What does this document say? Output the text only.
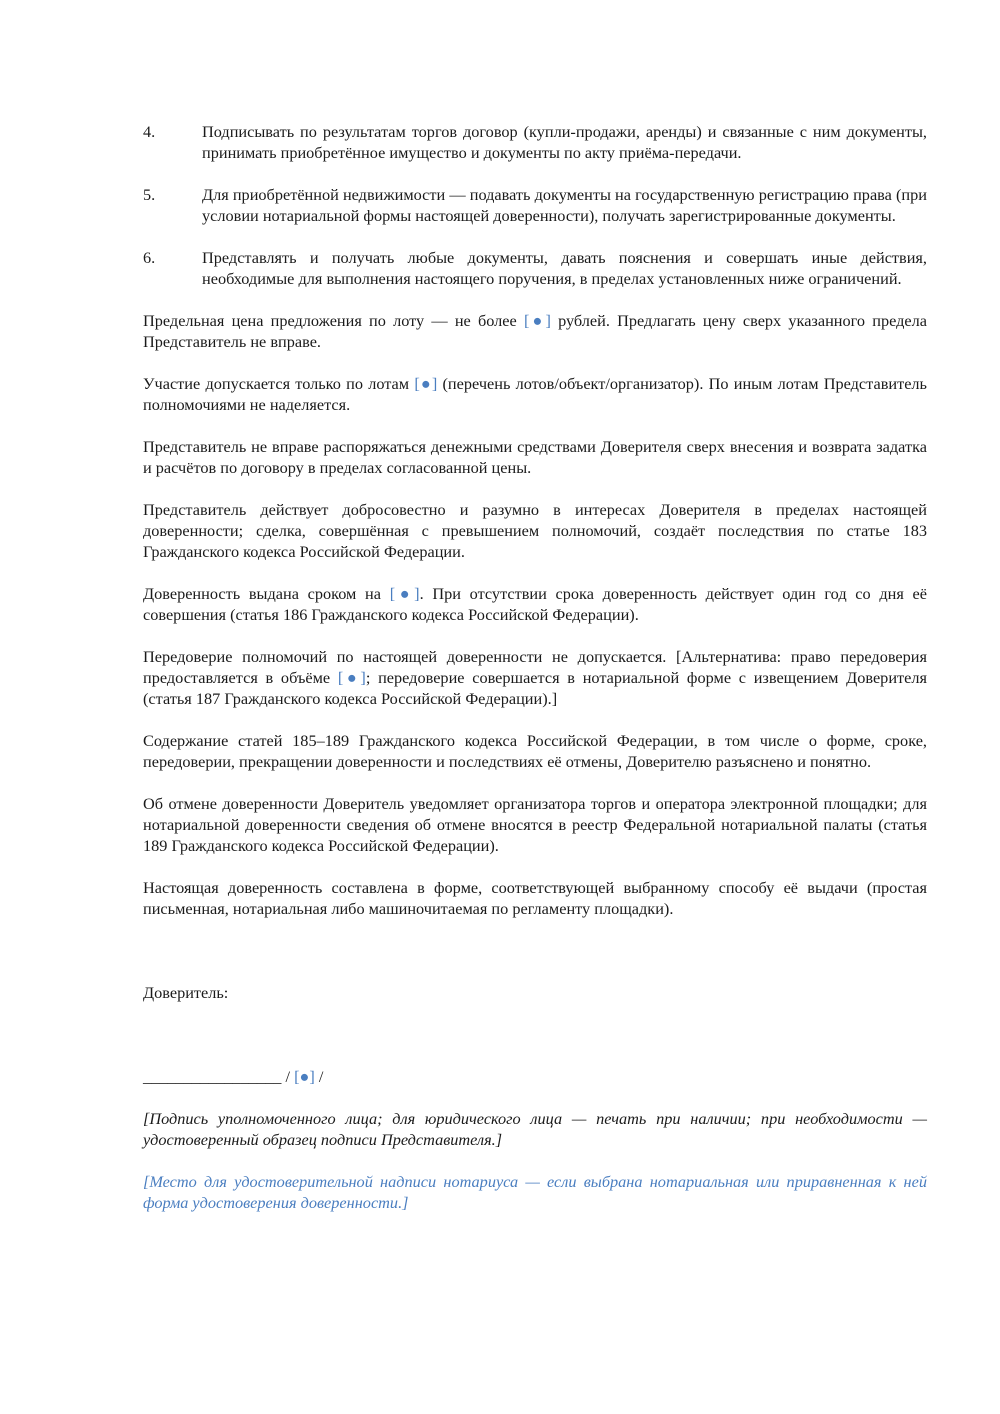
4.	Подписывать по результатам торгов договор (купли-продажи, аренды) и связанные с ним документы, принимать приобретённое имущество и документы по акту приёма-передачи.
5.	Для приобретённой недвижимости — подавать документы на государственную регистрацию права (при условии нотариальной формы настоящей доверенности), получать зарегистрированные документы.
6.	Представлять и получать любые документы, давать пояснения и совершать иные действия, необходимые для выполнения настоящего поручения, в пределах установленных ниже ограничений.

Предельная цена предложения по лоту — не более [●] рублей. Предлагать цену сверх указанного предела Представитель не вправе.

Участие допускается только по лотам [●] (перечень лотов/объект/организатор). По иным лотам Представитель полномочиями не наделяется.

Представитель не вправе распоряжаться денежными средствами Доверителя сверх внесения и возврата задатка и расчётов по договору в пределах согласованной цены.

Представитель действует добросовестно и разумно в интересах Доверителя в пределах настоящей доверенности; сделка, совершённая с превышением полномочий, создаёт последствия по статье 183 Гражданского кодекса Российской Федерации.

Доверенность выдана сроком на [●]. При отсутствии срока доверенность действует один год со дня её совершения (статья 186 Гражданского кодекса Российской Федерации).

Передоверие полномочий по настоящей доверенности не допускается. [Альтернатива: право передоверия предоставляется в объёме [●]; передоверие совершается в нотариальной форме с извещением Доверителя (статья 187 Гражданского кодекса Российской Федерации).]

Содержание статей 185–189 Гражданского кодекса Российской Федерации, в том числе о форме, сроке, передоверии, прекращении доверенности и последствиях её отмены, Доверителю разъяснено и понятно.

Об отмене доверенности Доверитель уведомляет организатора торгов и оператора электронной площадки; для нотариальной доверенности сведения об отмене вносятся в реестр Федеральной нотариальной палаты (статья 189 Гражданского кодекса Российской Федерации).

Настоящая доверенность составлена в форме, соответствующей выбранному способу её выдачи (простая письменная, нотариальная либо машиночитаемая по регламенту площадки).

Доверитель:
_________________ / [●] /

[Подпись уполномоченного лица; для юридического лица — печать при наличии; при необходимости — удостоверенный образец подписи Представителя.]

[Место для удостоверительной надписи нотариуса — если выбрана нотариальная или приравненная к ней форма удостоверения доверенности.]
